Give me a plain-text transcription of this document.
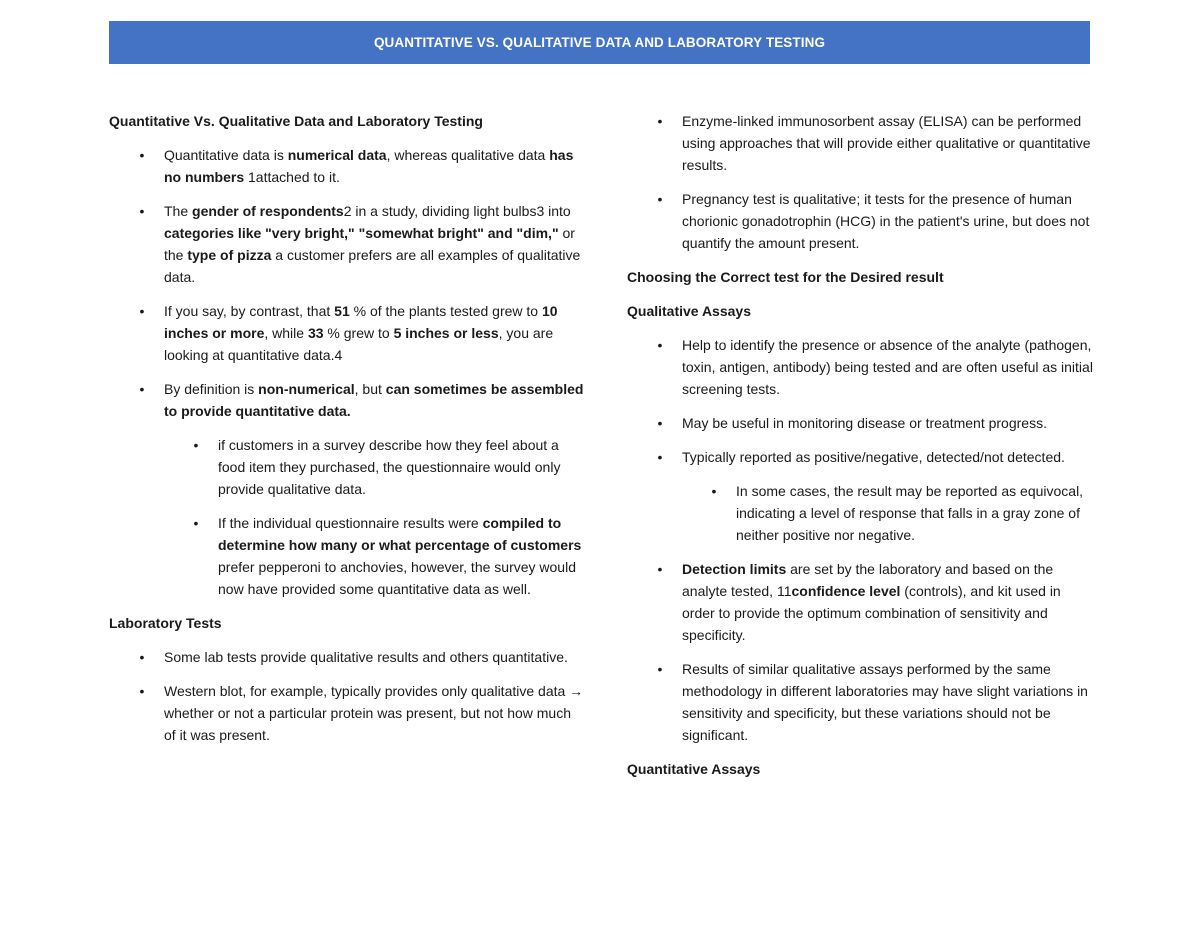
QUANTITATIVE VS. QUALITATIVE DATA AND LABORATORY TESTING
Quantitative Vs. Qualitative Data and Laboratory Testing
• Quantitative data is numerical data, whereas qualitative data has no numbers 1attached to it.
• The gender of respondents2 in a study, dividing light bulbs3 into categories like "very bright," "somewhat bright" and "dim," or the type of pizza a customer prefers are all examples of qualitative data.
• If you say, by contrast, that 51 % of the plants tested grew to 10 inches or more, while 33 % grew to 5 inches or less, you are looking at quantitative data.4
• By definition is non-numerical, but can sometimes be assembled to provide quantitative data.
• if customers in a survey describe how they feel about a food item they purchased, the questionnaire would only provide qualitative data.
• If the individual questionnaire results were compiled to determine how many or what percentage of customers prefer pepperoni to anchovies, however, the survey would now have provided some quantitative data as well.
Laboratory Tests
• Some lab tests provide qualitative results and others quantitative.
• Western blot, for example, typically provides only qualitative data → whether or not a particular protein was present, but not how much of it was present.
• Enzyme-linked immunosorbent assay (ELISA) can be performed using approaches that will provide either qualitative or quantitative results.
• Pregnancy test is qualitative; it tests for the presence of human chorionic gonadotrophin (HCG) in the patient's urine, but does not quantify the amount present.
Choosing the Correct test for the Desired result
Qualitative Assays
• Help to identify the presence or absence of the analyte (pathogen, toxin, antigen, antibody) being tested and are often useful as initial screening tests.
• May be useful in monitoring disease or treatment progress.
• Typically reported as positive/negative, detected/not detected.
• In some cases, the result may be reported as equivocal, indicating a level of response that falls in a gray zone of neither positive nor negative.
• Detection limits are set by the laboratory and based on the analyte tested, 11confidence level (controls), and kit used in order to provide the optimum combination of sensitivity and specificity.
• Results of similar qualitative assays performed by the same methodology in different laboratories may have slight variations in sensitivity and specificity, but these variations should not be significant.
Quantitative Assays
